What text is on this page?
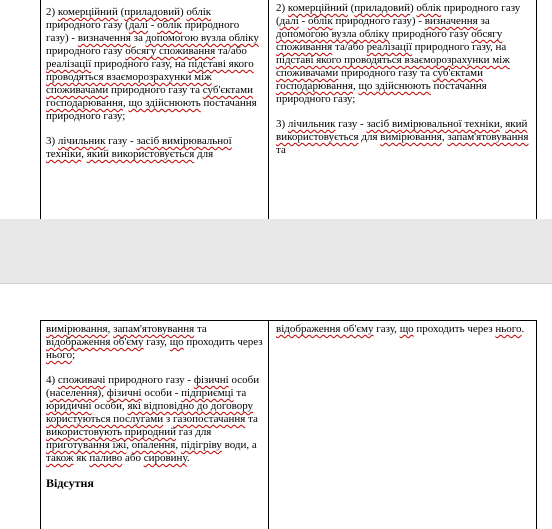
2) комерційний (приладовий) облік природного газу (далі - облік природного газу) - визначення за допомогою вузла обліку природного газу обсягу споживання та/або реалізації природного газу, на підставі якого проводяться взаєморозрахунки між споживачами природного газу та суб'єктами господарювання, що здійснюють постачання природного газу;

3) лічильник газу - засіб вимірювальної техніки, який використовується для

2) комерційний (приладовий) облік природного газу (далі - облік природного газу) - визначення за допомогою вузла обліку природного газу обсягу споживання та/або реалізації природного газу, на підставі якого проводяться взаєморозрахунки між споживачами природного газу та суб'єктами господарювання, що здійснюють постачання природного газу;

3) лічильник газу - засіб вимірювальної техніки, який використовується для вимірювання, запам'ятовування та

вимірювання, запам'ятовування та відображення об'єму газу, що проходить через нього;

4) споживачі природного газу - фізичні особи (населення), фізичні особи - підприємці та юридичні особи, які відповідно до договору користуються послугами з газопостачання та використовують природний газ для приготування їжі, опалення, підігріву води, а також як паливо або сировину.

Відсутня

відображення об'єму газу, що проходить через нього.
